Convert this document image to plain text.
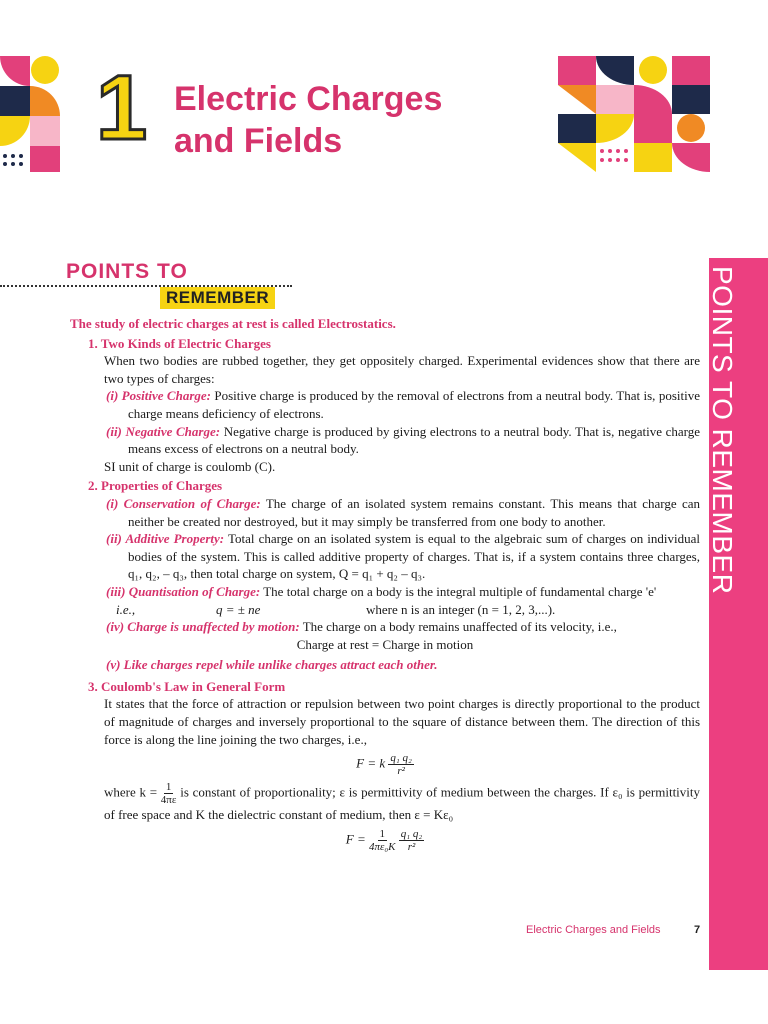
1 Electric Charges
and Fields
POINTS TO
REMEMBER	POINTS TO REMEMBER

The study of electric charges at rest is called Electrostatics.

1. Two Kinds of Electric Charges

When two bodies are rubbed together, they get oppositely charged. Experimental evidences show that there are two types of charges:

(i) Positive Charge: Positive charge is produced by the removal of electrons from a neutral body. That is, positive charge means deficiency of electrons.

(ii) Negative Charge: Negative charge is produced by giving electrons to a neutral body. That is, negative charge means excess of electrons on a neutral body.

SI unit of charge is coulomb (C).

2. Properties of Charges

(i) Conservation of Charge: The charge of an isolated system remains constant. This means that charge can neither be created nor destroyed, but it may simply be transferred from one body to another.

(ii) Additive Property: Total charge on an isolated system is equal to the algebraic sum of charges on individual bodies of the system. This is called additive property of charges. That is, if a system contains three charges, q₁, q₂, – q₃, then total charge on system, Q = q₁ + q₂ – q₃.

(iii) Quantisation of Charge: The total charge on a body is the integral multiple of fundamental charge 'e'

i.e.,	q = ± ne	where n is an integer (n = 1, 2, 3,...).

(iv) Charge is unaffected by motion: The charge on a body remains unaffected of its velocity, i.e.,

Charge at rest = Charge in motion

(v) Like charges repel while unlike charges attract each other.

3. Coulomb's Law in General Form

It states that the force of attraction or repulsion between two point charges is directly proportional to the product of magnitude of charges and inversely proportional to the square of distance between them. The direction of this force is along the line joining the two charges, i.e.,

F = k $\frac{\text{q₁ q₂}}{\text{r²}}$

where $k = \frac{1}{4\pi\varepsilon}$ is constant of proportionality; ε is permittivity of medium between the charges. If ε₀ is permittivity of free space and K the dielectric constant of medium, then ε = Kε₀

$F = \frac{1}{\text{4πε₀K}}$
$\frac{\text{q₁ q₂}}{\text{r²}}$
Electric Charges and Fields	7
